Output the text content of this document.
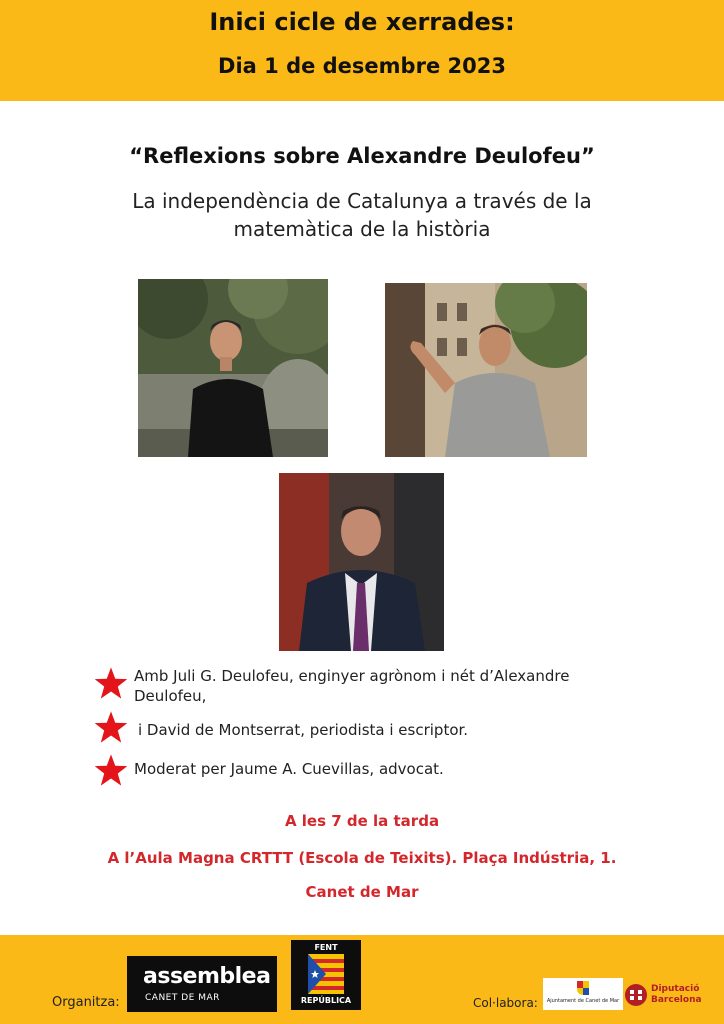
Inici cicle de xerrades:
Dia 1 de desembre 2023
“Reflexions sobre Alexandre Deulofeu”
La independència de Catalunya a través de la matemàtica de la història
Amb Juli G. Deulofeu, enginyer agrònom i nét d’Alexandre Deulofeu,
i David de Montserrat, periodista i escriptor.
Moderat per Jaume A. Cuevillas, advocat.
A les 7 de la tarda
A l’Aula Magna CRTTT (Escola de Teixits). Plaça Indústria, 1.
Canet de Mar
Organitza:
assemblea
CANET DE MAR
FENT
REPÚBLICA	Col·labora:	Ajuntament de Canet de Mar
Diputació
Barcelona
